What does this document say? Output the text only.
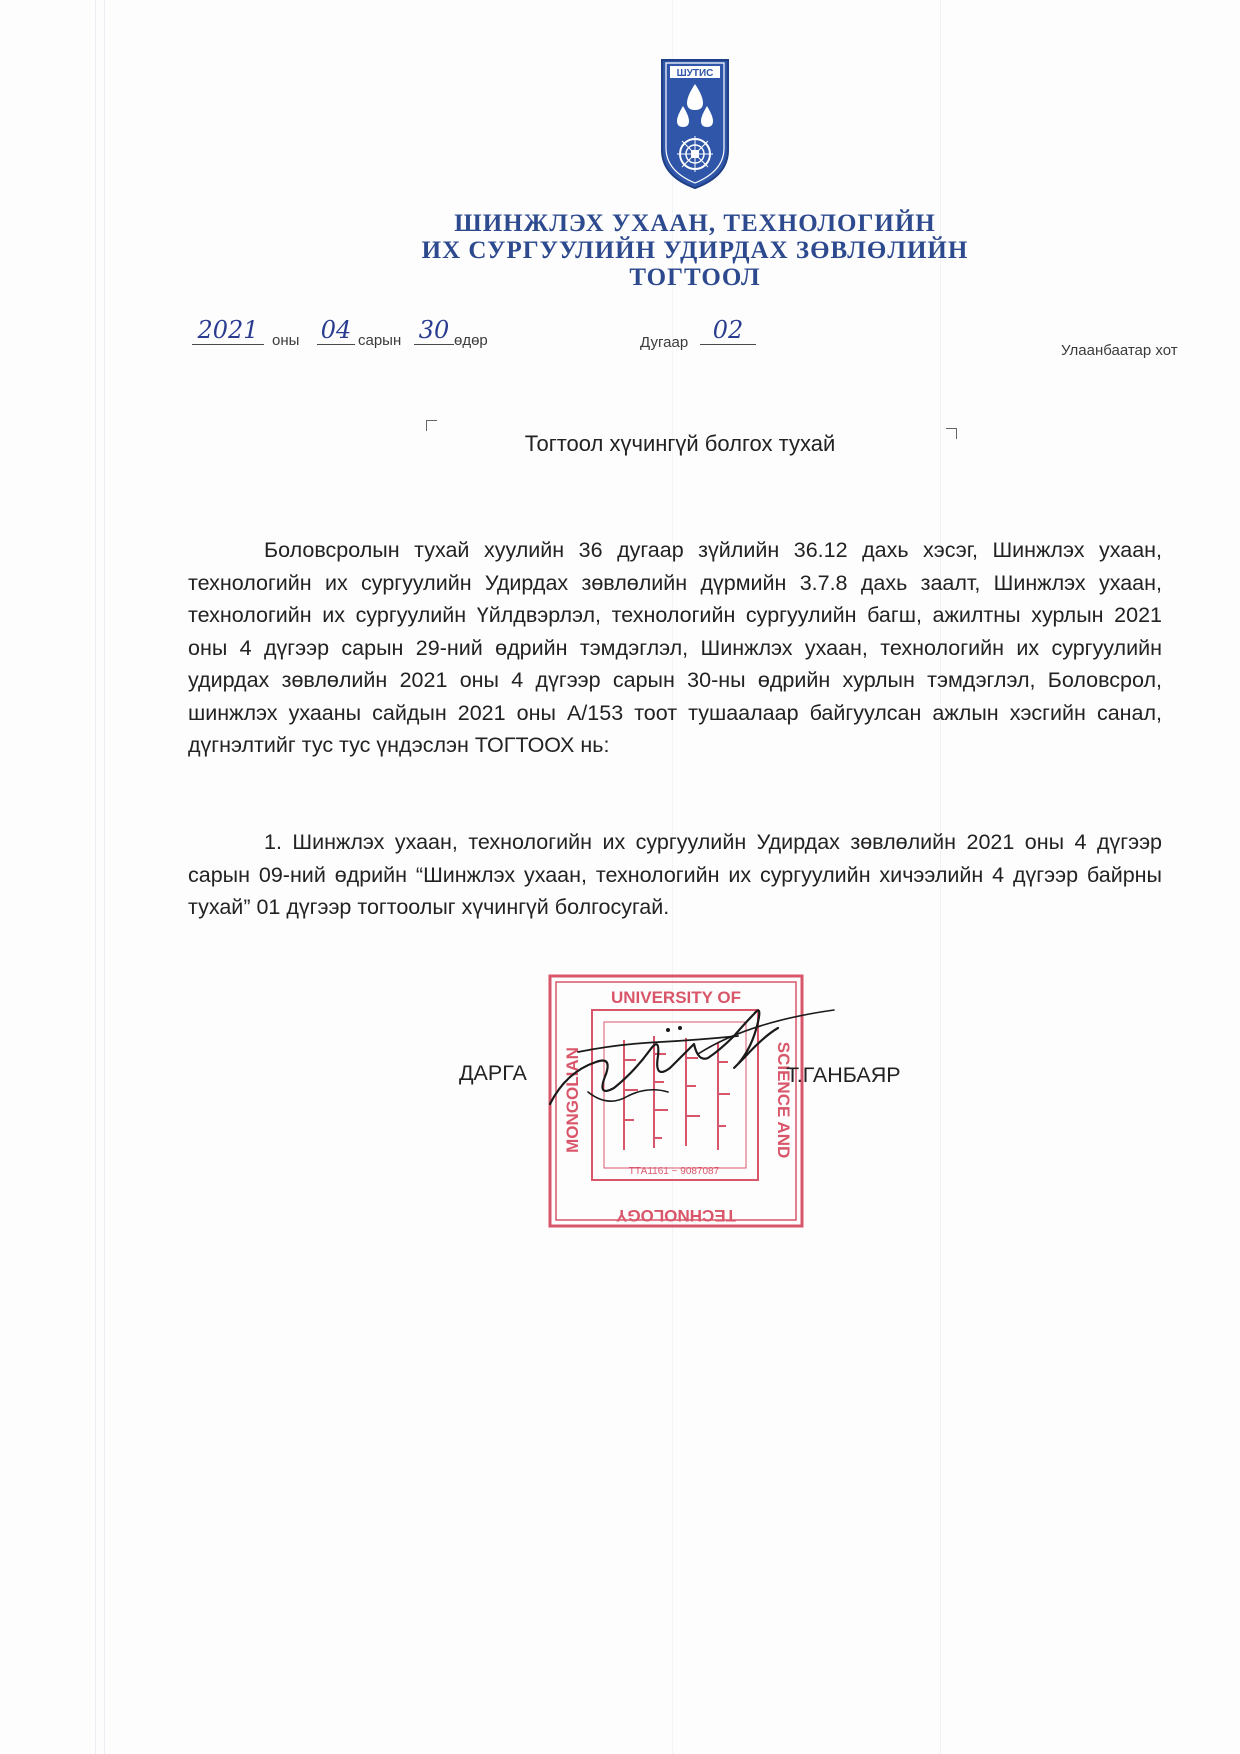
ШУТИС
ШИНЖЛЭХ УХААН, ТЕХНОЛОГИЙН
ИХ СУРГУУЛИЙН УДИРДАХ ЗӨВЛӨЛИЙН
ТОГТООЛ
2021 оны 04 сарын 30 өдөр	Дугаар	02
Улаанбаатар хот
Тогтоол хүчингүй болгох тухай

Боловсролын тухай хуулийн 36 дугаар зүйлийн 36.12 дахь хэсэг, Шинжлэх ухаан, технологийн их сургуулийн Удирдах зөвлөлийн дүрмийн 3.7.8 дахь заалт, Шинжлэх ухаан, технологийн их сургуулийн Үйлдвэрлэл, технологийн сургуулийн багш, ажилтны хурлын 2021 оны 4 дүгээр сарын 29-ний өдрийн тэмдэглэл, Шинжлэх ухаан, технологийн их сургуулийн удирдах зөвлөлийн 2021 оны 4 дүгээр сарын 30-ны өдрийн хурлын тэмдэглэл, Боловсрол, шинжлэх ухааны сайдын 2021 оны А/153 тоот тушаалаар байгуулсан ажлын хэсгийн санал, дүгнэлтийг тус тус үндэслэн ТОГТООХ нь:

1. Шинжлэх ухаан, технологийн их сургуулийн Удирдах зөвлөлийн 2021 оны 4 дүгээр сарын 09-ний өдрийн “Шинжлэх ухаан, технологийн их сургуулийн хичээлийн 4 дүгээр байрны тухай” 01 дүгээр тогтоолыг хүчингүй болгосугай.

ДАРГА
UNIVERSITY OF
SCIENCE AND
TECHNOLOGY
MONGOLIAN
ТТА1161 ~ 9087087
Т.ГАНБАЯР
